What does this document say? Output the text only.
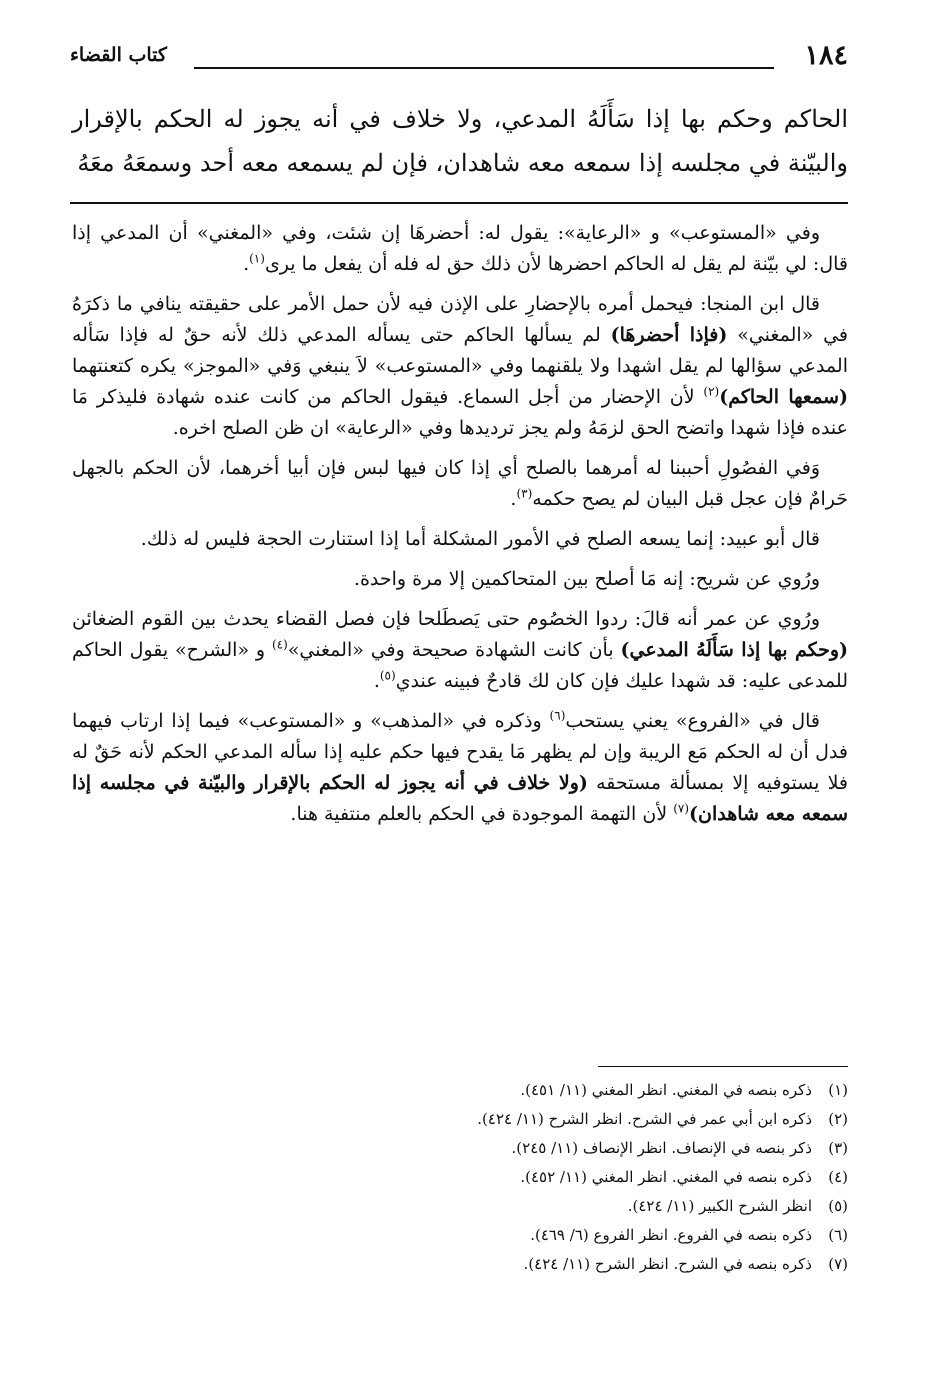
١٨٤
كتاب القضاء

الحاكم وحكم بها إذا سَأَلَهُ المدعي، ولا خلاف في أنه يجوز له الحكم بالإقرار والبيّنة في مجلسه إذا سمعه معه شاهدان، فإن لم يسمعه معه أحد وسمعَهُ معَهُ

وفي «المستوعب» و «الرعاية»: يقول له: أحضرهَا إن شئت، وفي «المغني» أن المدعي إذا قال: لي بيّنة لم يقل له الحاكم احضرها لأن ذلك حق له فله أن يفعل ما يرى$^{(١)}$.

قال ابن المنجا: فيحمل أمره بالإحضارِ على الإذن فيه لأن حمل الأمر على حقيقته ينافي ما ذكرَهُ في «المغني» (فإذا أحضرهَا) لم يسألها الحاكم حتى يسأله المدعي ذلك لأنه حقٌ له فإذا سَأله المدعي سؤالها لم يقل اشهدا ولا يلقنهما وفي «المستوعب» لاَ ينبغي وَفي «الموجز» يكره كتعنتهما (سمعها الحاكم)$^{(٢)}$ لأن الإحضار من أجل السماع. فيقول الحاكم من كانت عنده شهادة فليذكر مَا عنده فإذا شهدا واتضح الحق لزمَهُ ولم يجز ترديدها وفي «الرعاية» ان ظن الصلح اخره.

وَفي الفصُولِ أحببنا له أمرهما بالصلح أي إذا كان فيها لبس فإن أبيا أخرهما، لأن الحكم بالجهل حَرامٌ فإن عجل قبل البيان لم يصح حكمه$^{(٣)}$.

قال أبو عبيد: إنما يسعه الصلح في الأمور المشكلة أما إذا استنارت الحجة فليس له ذلك.

ورُوي عن شريح: إنه مَا أصلح بين المتحاكمين إلا مرة واحدة.

ورُوي عن عمر أنه قالَ: ردوا الخصُوم حتى يَصطَلحا فإن فصل القضاء يحدث بين القوم الضغائن (وحكم بها إذا سَأَلَهُ المدعي) بأن كانت الشهادة صحيحة وفي «المغني»$^{(٤)}$ و «الشرح» يقول الحاكم للمدعى عليه: قد شهدا عليك فإن كان لك قادحٌ فبينه عندي$^{(٥)}$.

قال في «الفروع» يعني يستحب$^{(٦)}$ وذكره في «المذهب» و «المستوعب» فيما إذا ارتاب فيهما فدل أن له الحكم مَع الريبة وإن لم يظهر مَا يقدح فيها حكم عليه إذا سأله المدعي الحكم لأنه حَقٌ له فلا يستوفيه إلا بمسألة مستحقه (ولا خلاف في أنه يجوز له الحكم بالإقرار والبيّنة في مجلسه إذا سمعه معه شاهدان)$^{(٧)}$ لأن التهمة الموجودة في الحكم بالعلم منتفية هنا.

(١)ذكره بنصه في المغني. انظر المغني (١١/ ٤٥١).
(٢)ذكره ابن أبي عمر في الشرح. انظر الشرح (١١/ ٤٢٤).
(٣)ذكر بنصه في الإنصاف. انظر الإنصاف (١١/ ٢٤٥).
(٤)ذكره بنصه في المغني. انظر المغني (١١/ ٤٥٢).
(٥)انظر الشرح الكبير (١١/ ٤٢٤).
(٦)ذكره بنصه في الفروع. انظر الفروع (٦/ ٤٦٩).
(٧)ذكره بنصه في الشرح. انظر الشرح (١١/ ٤٢٤).
